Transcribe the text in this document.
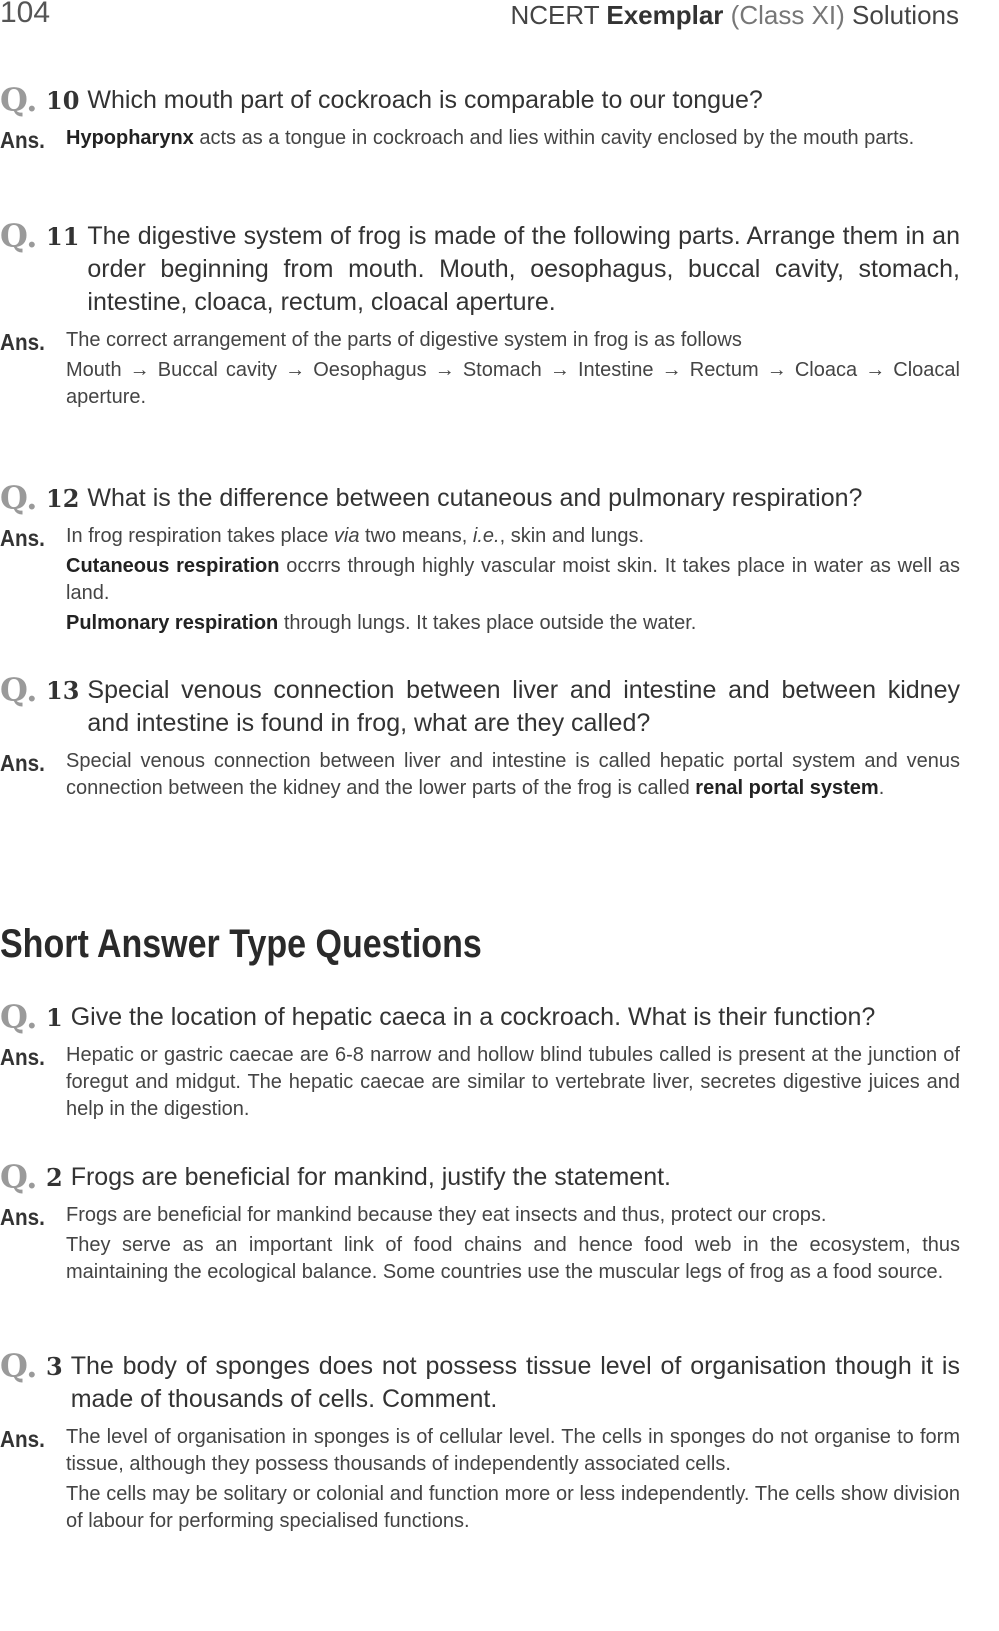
104	NCERT Exemplar (Class XI) Solutions
Short Answer Type Questions
Q. 10 Which mouth part of cockroach is comparable to our tongue?
Ans.	Hypopharynx acts as a tongue in cockroach and lies within cavity enclosed by the mouth parts.

Q. 11 The digestive system of frog is made of the following parts. Arrange them in an order beginning from mouth. Mouth, oesophagus, buccal cavity, stomach, intestine, cloaca, rectum, cloacal aperture.
Ans.	The correct arrangement of the parts of digestive system in frog is as follows

Mouth → Buccal cavity → Oesophagus → Stomach → Intestine → Rectum → Cloaca → Cloacal aperture.

Q. 12 What is the difference between cutaneous and pulmonary respiration?
Ans.	In frog respiration takes place via two means, i.e., skin and lungs.

Cutaneous respiration occrrs through highly vascular moist skin. It takes place in water as well as land.

Pulmonary respiration through lungs. It takes place outside the water.

Q. 13 Special venous connection between liver and intestine and between kidney and intestine is found in frog, what are they called?
Ans.	Special venous connection between liver and intestine is called hepatic portal system and venus connection between the kidney and the lower parts of the frog is called renal portal system.

Q. 1 Give the location of hepatic caeca in a cockroach. What is their function?
Ans.	Hepatic or gastric caecae are 6-8 narrow and hollow blind tubules called is present at the junction of foregut and midgut. The hepatic caecae are similar to vertebrate liver, secretes digestive juices and help in the digestion.

Q. 2 Frogs are beneficial for mankind, justify the statement.
Ans.	Frogs are beneficial for mankind because they eat insects and thus, protect our crops.

They serve as an important link of food chains and hence food web in the ecosystem, thus maintaining the ecological balance. Some countries use the muscular legs of frog as a food source.

Q. 3 The body of sponges does not possess tissue level of organisation though it is made of thousands of cells. Comment.
Ans.	The level of organisation in sponges is of cellular level. The cells in sponges do not organise to form tissue, although they possess thousands of independently associated cells.

The cells may be solitary or colonial and function more or less independently. The cells show division of labour for performing specialised functions.
